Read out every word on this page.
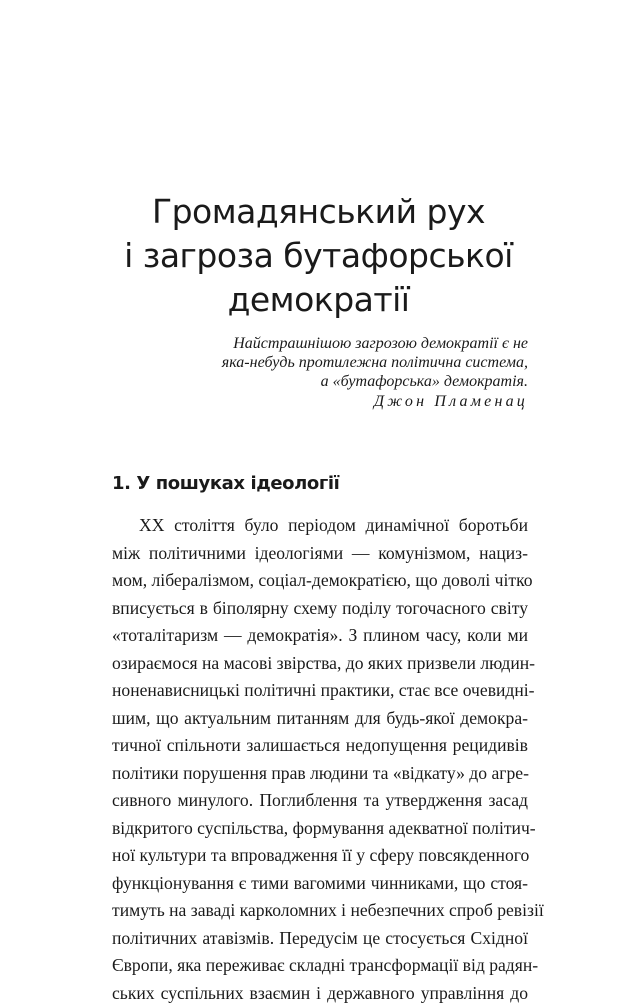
Громадянський рух
і загроза бутафорської
демократії
Найстрашнішою загрозою демократії є не
яка-небудь протилежна політична система,
а «бутафорська» демократія.
Джон Пламенац
1. У пошуках ідеології
ХХ століття було періодом динамічної боротьби
між політичними ідеологіями — комунізмом, нациз-
мом, лібералізмом, соціал-демократією, що доволі чітко
вписується в біполярну схему поділу тогочасного світу
«тоталітаризм — демократія». З плином часу, коли ми
озираємося на масові звірства, до яких призвели людин-
ноненависницькі політичні практики, стає все очевидні-
шим, що актуальним питанням для будь-якої демокра-
тичної спільноти залишається недопущення рецидивів
політики порушення прав людини та «відкату» до агре-
сивного минулого. Поглиблення та утвердження засад
відкритого суспільства, формування адекватної політич-
ної культури та впровадження її у сферу повсякденного
функціонування є тими вагомими чинниками, що стоя-
тимуть на заваді карколомних і небезпечних спроб ревізії
політичних атавізмів. Передусім це стосується Східної
Європи, яка переживає складні трансформації від радян-
ських суспільних взаємин і державного управління до
